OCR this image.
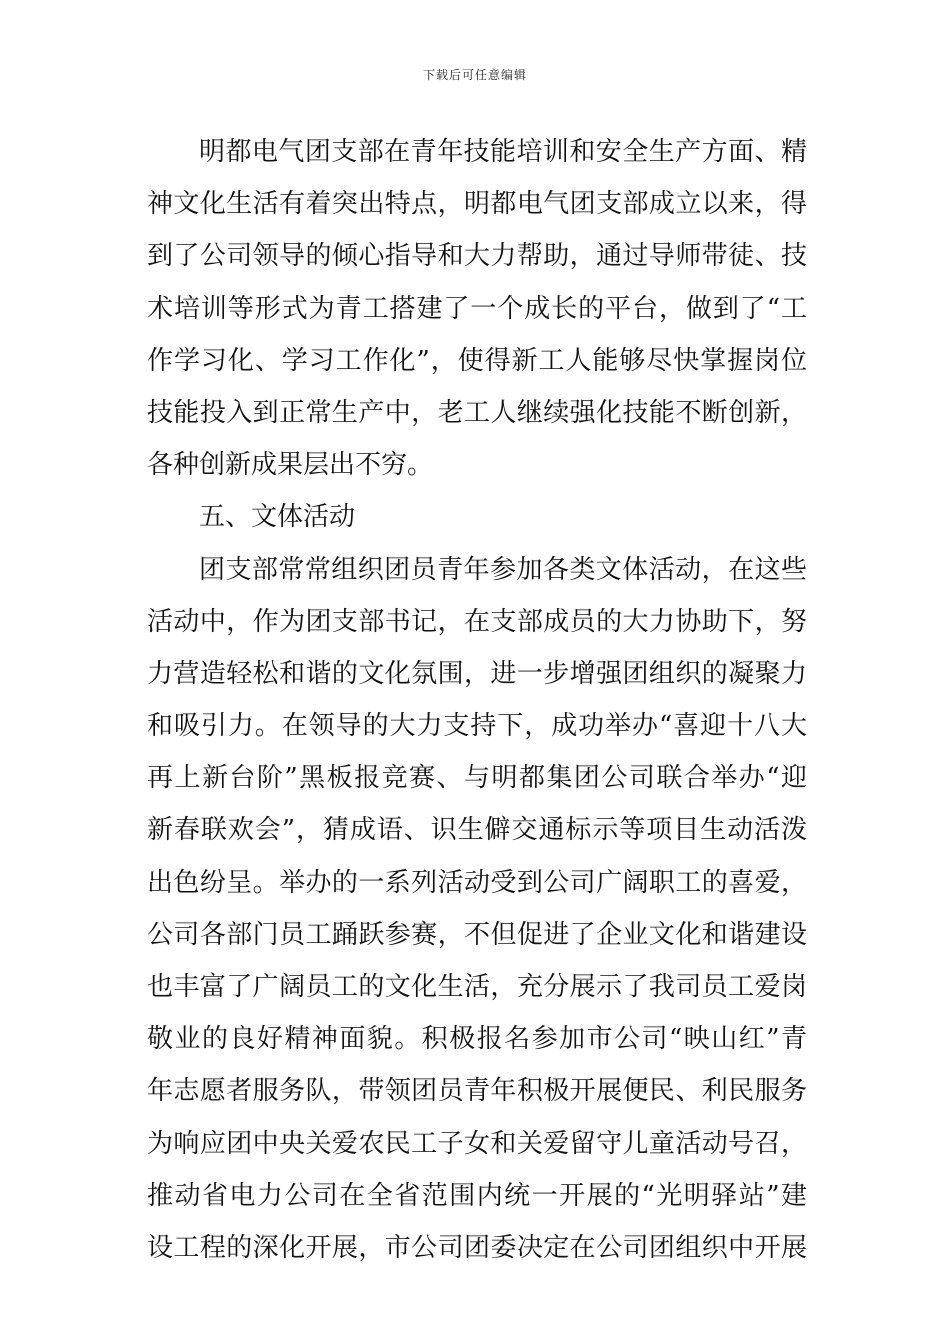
下载后可任意编辑
明都电气团支部在青年技能培训和安全生产方面、精
神文化生活有着突出特点，明都电气团支部成立以来，得
到了公司领导的倾心指导和大力帮助，通过导师带徒、技
术培训等形式为青工搭建了一个成长的平台，做到了“工
作学习化、学习工作化”，使得新工人能够尽快掌握岗位
技能投入到正常生产中，老工人继续强化技能不断创新，
各种创新成果层出不穷。
五、文体活动
团支部常常组织团员青年参加各类文体活动，在这些
活动中，作为团支部书记，在支部成员的大力协助下，努
力营造轻松和谐的文化氛围，进一步增强团组织的凝聚力
和吸引力。在领导的大力支持下，成功举办“喜迎十八大
再上新台阶”黑板报竞赛、与明都集团公司联合举办“迎
新春联欢会”，猜成语、识生僻交通标示等项目生动活泼
出色纷呈。举办的一系列活动受到公司广阔职工的喜爱，
公司各部门员工踊跃参赛，不但促进了企业文化和谐建设
也丰富了广阔员工的文化生活，充分展示了我司员工爱岗
敬业的良好精神面貌。积极报名参加市公司“映山红”青
年志愿者服务队，带领团员青年积极开展便民、利民服务
为响应团中央关爱农民工子女和关爱留守儿童活动号召，
推动省电力公司在全省范围内统一开展的“光明驿站”建
设工程的深化开展，市公司团委决定在公司团组织中开展
